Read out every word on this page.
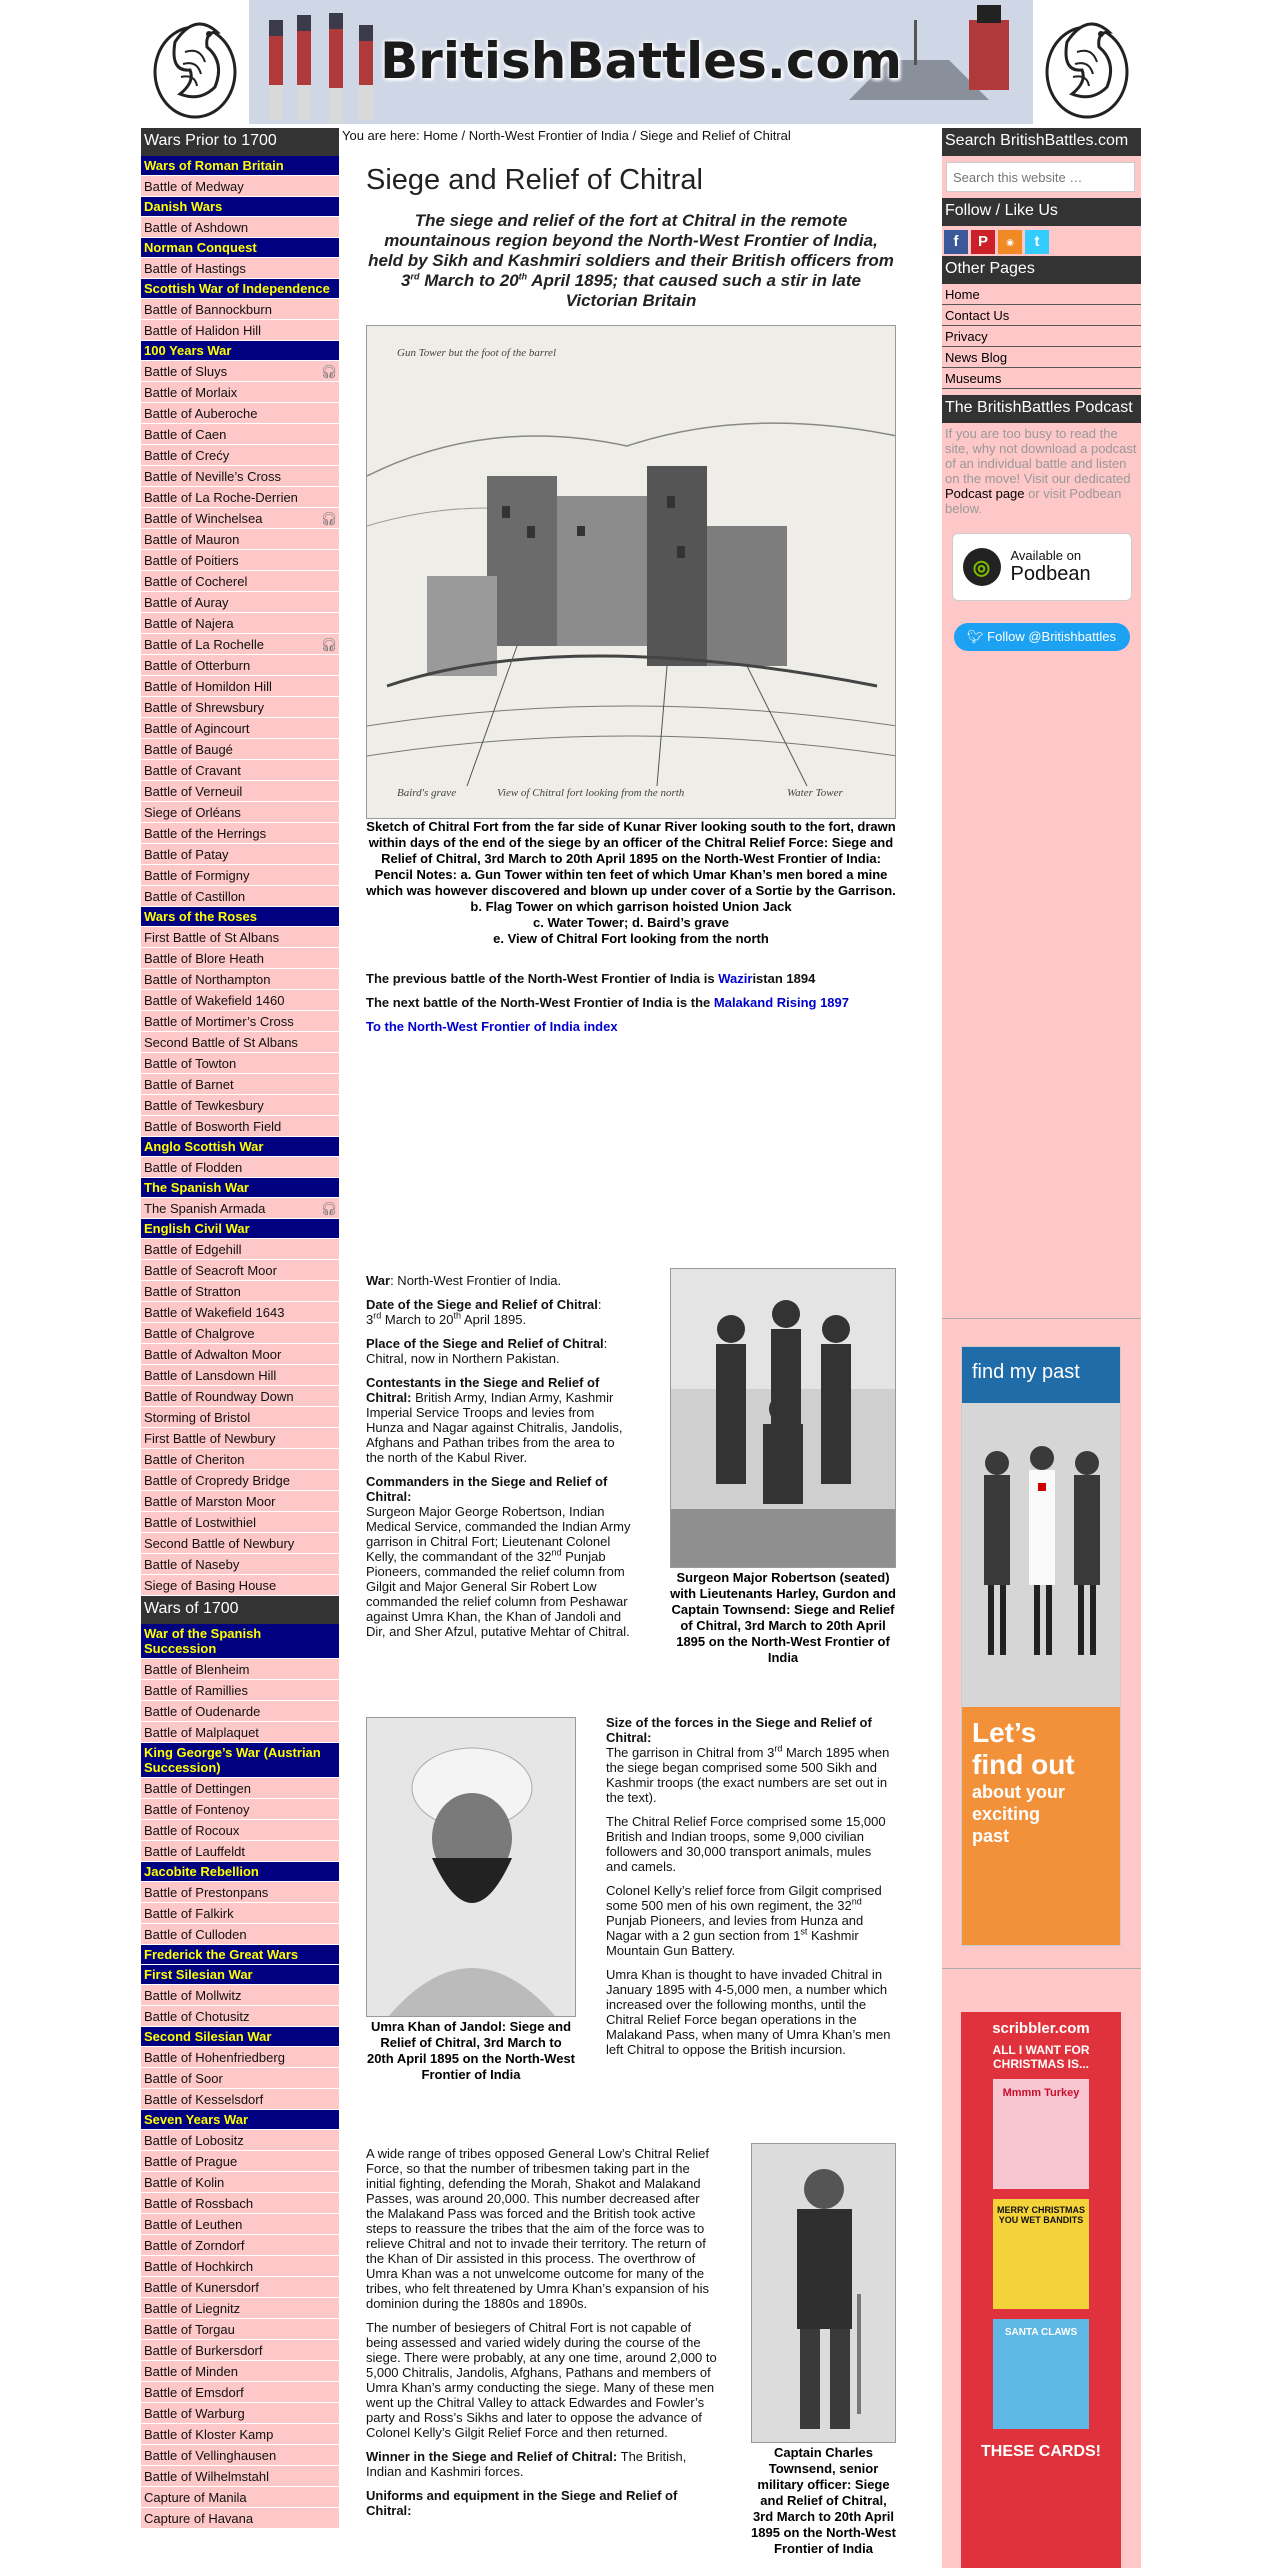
BritishBattles.com
Wars Prior to 1700
Wars of Roman Britain
Battle of Medway
Danish Wars
Battle of Ashdown
Norman Conquest
Battle of Hastings
Scottish War of Independence
Battle of Bannockburn
Battle of Halidon Hill
100 Years War
Battle of Sluys	🎧︎
Battle of Morlaix
Battle of Auberoche
Battle of Caen
Battle of Crećy
Battle of Neville’s Cross
Battle of La Roche-Derrien
Battle of Winchelsea	🎧︎
Battle of Mauron
Battle of Poitiers
Battle of Cocherel
Battle of Auray
Battle of Najera
Battle of La Rochelle	🎧︎
Battle of Otterburn
Battle of Homildon Hill
Battle of Shrewsbury
Battle of Agincourt
Battle of Baugé
Battle of Cravant
Battle of Verneuil
Siege of Orléans
Battle of the Herrings
Battle of Patay
Battle of Formigny
Battle of Castillon
Wars of the Roses
First Battle of St Albans
Battle of Blore Heath
Battle of Northampton
Battle of Wakefield 1460
Battle of Mortimer’s Cross
Second Battle of St Albans
Battle of Towton
Battle of Barnet
Battle of Tewkesbury
Battle of Bosworth Field
Anglo Scottish War
Battle of Flodden
The Spanish War
The Spanish Armada	🎧︎
English Civil War
Battle of Edgehill
Battle of Seacroft Moor
Battle of Stratton
Battle of Wakefield 1643
Battle of Chalgrove
Battle of Adwalton Moor
Battle of Lansdown Hill
Battle of Roundway Down
Storming of Bristol
First Battle of Newbury
Battle of Cheriton
Battle of Cropredy Bridge
Battle of Marston Moor
Battle of Lostwithiel
Second Battle of Newbury
Battle of Naseby
Siege of Basing House
Wars of 1700
War of the Spanish Succession
Battle of Blenheim
Battle of Ramillies
Battle of Oudenarde
Battle of Malplaquet
King George’s War (Austrian Succession)
Battle of Dettingen
Battle of Fontenoy
Battle of Rocoux
Battle of Lauffeldt
Jacobite Rebellion
Battle of Prestonpans
Battle of Falkirk
Battle of Culloden
Frederick the Great Wars
First Silesian War
Battle of Mollwitz
Battle of Chotusitz
Second Silesian War
Battle of Hohenfriedberg
Battle of Soor
Battle of Kesselsdorf
Seven Years War
Battle of Lobositz
Battle of Prague
Battle of Kolin
Battle of Rossbach
Battle of Leuthen
Battle of Zorndorf
Battle of Hochkirch
Battle of Kunersdorf
Battle of Liegnitz
Battle of Torgau
Battle of Burkersdorf
Battle of Minden
Battle of Emsdorf
Battle of Warburg
Battle of Kloster Kamp
Battle of Vellinghausen
Battle of Wilhelmstahl
Capture of Manila
Capture of Havana
You are here: Home / North-West Frontier of India / Siege and Relief of Chitral
Siege and Relief of Chitral
The siege and relief of the fort at Chitral in the remote mountainous region beyond the North-West Frontier of India, held by Sikh and Kashmiri soldiers and their British officers from 3rd March to 20th April 1895; that caused such a stir in late Victorian Britain
Gun Tower but the foot of the barrel
View of Chitral fort looking from the north
Baird's grave	Water Tower
Sketch of Chitral Fort from the far side of Kunar River looking south to the fort, drawn within days of the end of the siege by an officer of the Chitral Relief Force: Siege and Relief of Chitral, 3rd March to 20th April 1895 on the North-West Frontier of India:
Pencil Notes: a. Gun Tower within ten feet of which Umar Khan’s men bored a mine which was however discovered and blown up under cover of a Sortie by the Garrison.
b. Flag Tower on which garrison hoisted Union Jack
c. Water Tower; d. Baird’s grave
e. View of Chitral Fort looking from the north

The previous battle of the North-West Frontier of India is Waziristan 1894

The next battle of the North-West Frontier of India is the Malakand Rising 1897

To the North-West Frontier of India index

War: North-West Frontier of India.

Date of the Siege and Relief of Chitral:
3rd March to 20th April 1895.

Place of the Siege and Relief of Chitral:
Chitral, now in Northern Pakistan.

Contestants in the Siege and Relief of Chitral: British Army, Indian Army, Kashmir Imperial Service Troops and levies from Hunza and Nagar against Chitralis, Jandolis, Afghans and Pathan tribes from the area to the north of the Kabul River.

Commanders in the Siege and Relief of Chitral:
Surgeon Major George Robertson, Indian Medical Service, commanded the Indian Army garrison in Chitral Fort; Lieutenant Colonel Kelly, the commandant of the 32nd Punjab Pioneers, commanded the relief column from Gilgit and Major General Sir Robert Low commanded the relief column from Peshawar against Umra Khan, the Khan of Jandoli and Dir, and Sher Afzul, putative Mehtar of Chitral.

Surgeon Major Robertson (seated) with Lieutenants Harley, Gurdon and Captain Townsend: Siege and Relief of Chitral, 3rd March to 20th April 1895 on the North-West Frontier of India
Umra Khan of Jandol: Siege and Relief of Chitral, 3rd March to 20th April 1895 on the North-West Frontier of India

Size of the forces in the Siege and Relief of Chitral:

The garrison in Chitral from 3rd March 1895 when the siege began comprised some 500 Sikh and Kashmir troops (the exact numbers are set out in the text).

The Chitral Relief Force comprised some 15,000 British and Indian troops, some 9,000 civilian followers and 30,000 transport animals, mules and camels.

Colonel Kelly’s relief force from Gilgit comprised some 500 men of his own regiment, the 32nd Punjab Pioneers, and levies from Hunza and Nagar with a 2 gun section from 1st Kashmir Mountain Gun Battery.

Umra Khan is thought to have invaded Chitral in January 1895 with 4-5,000 men, a number which increased over the following months, until the Chitral Relief Force began operations in the Malakand Pass, when many of Umra Khan’s men left Chitral to oppose the British incursion.

A wide range of tribes opposed General Low’s Chitral Relief Force, so that the number of tribesmen taking part in the initial fighting, defending the Morah, Shakot and Malakand Passes, was around 20,000. This number decreased after the Malakand Pass was forced and the British took active steps to reassure the tribes that the aim of the force was to relieve Chitral and not to invade their territory. The return of the Khan of Dir assisted in this process. The overthrow of Umra Khan was a not unwelcome outcome for many of the tribes, who felt threatened by Umra Khan’s expansion of his dominion during the 1880s and 1890s.

The number of besiegers of Chitral Fort is not capable of being assessed and varied widely during the course of the siege. There were probably, at any one time, around 2,000 to 5,000 Chitralis, Jandolis, Afghans, Pathans and members of Umra Khan’s army conducting the siege. Many of these men went up the Chitral Valley to attack Edwardes and Fowler’s party and Ross’s Sikhs and later to oppose the advance of Colonel Kelly’s Gilgit Relief Force and then returned.

Winner in the Siege and Relief of Chitral: The British, Indian and Kashmiri forces.

Uniforms and equipment in the Siege and Relief of Chitral:

Captain Charles Townsend, senior military officer: Siege and Relief of Chitral, 3rd March to 20th April 1895 on the North-West Frontier of India
Search BritishBattles.com
Search this website …
Follow / Like Us
f	P	◉	t
Other Pages
Home
Contact Us
Privacy
News Blog
Museums
The BritishBattles Podcast
If you are too busy to read the site, why not download a podcast of an individual battle and listen on the move! Visit our dedicated Podcast page or visit Podbean below.
◎
Available on
Podbean
🐦︎ Follow @Britishbattles
find my past
Let’s
find out
about your
exciting
past
scribbler.com
ALL I WANT FOR
CHRISTMAS IS...
Mmmm Turkey
MERRY CHRISTMAS YOU WET BANDITS
SANTA CLAWS
THESE CARDS!
